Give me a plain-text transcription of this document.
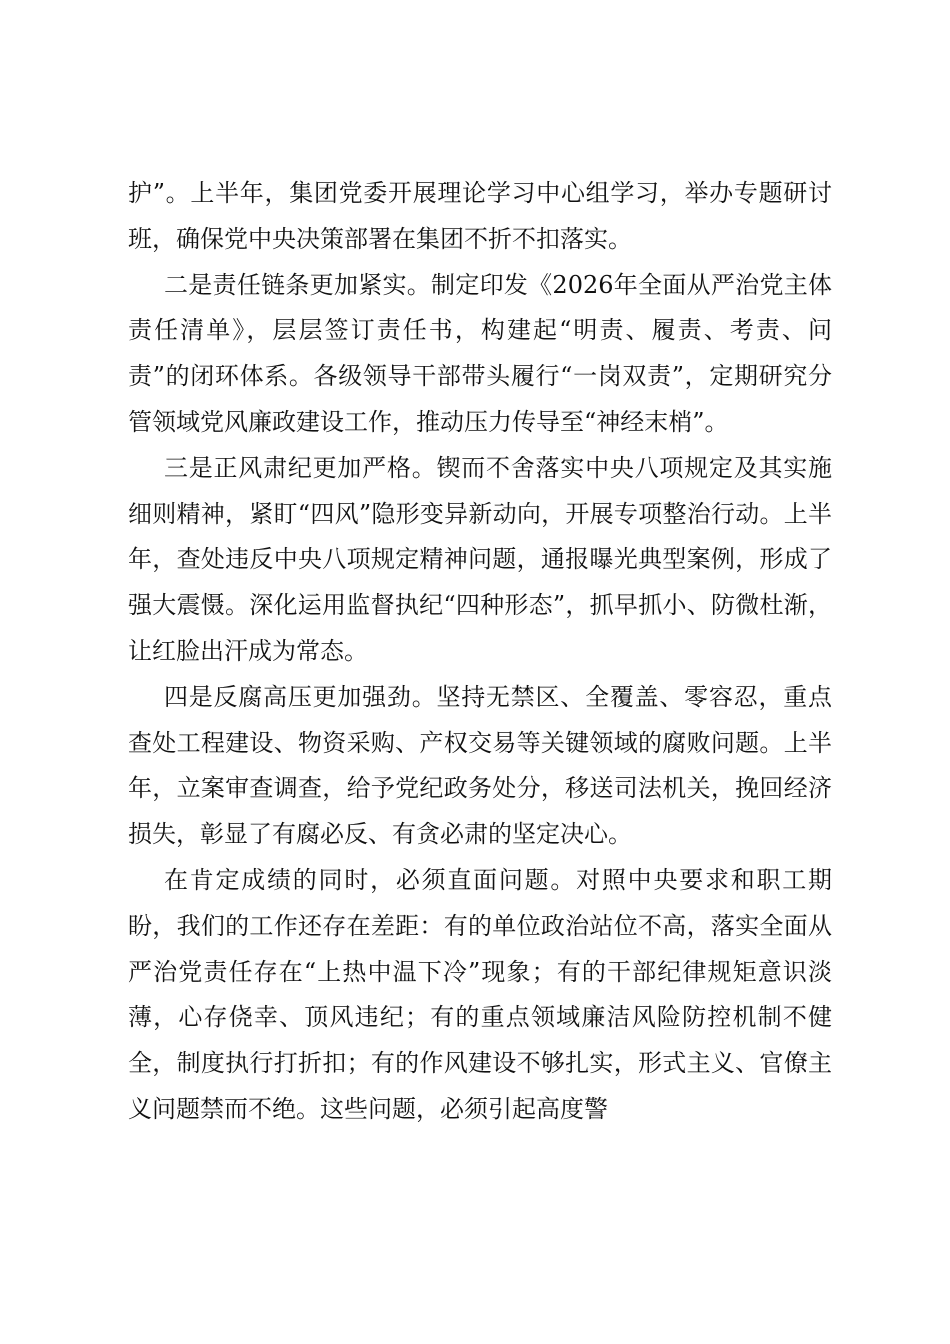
护”。上半年，集团党委开展理论学习中心组学习，举办专题研讨班，确保党中央决策部署在集团不折不扣落实。

二是责任链条更加紧实。制定印发《2026年全面从严治党主体责任清单》，层层签订责任书，构建起“明责、履责、考责、问责”的闭环体系。各级领导干部带头履行“一岗双责”，定期研究分管领域党风廉政建设工作，推动压力传导至“神经末梢”。

三是正风肃纪更加严格。锲而不舍落实中央八项规定及其实施细则精神，紧盯“四风”隐形变异新动向，开展专项整治行动。上半年，查处违反中央八项规定精神问题，通报曝光典型案例，形成了强大震慑。深化运用监督执纪“四种形态”，抓早抓小、防微杜渐，让红脸出汗成为常态。

四是反腐高压更加强劲。坚持无禁区、全覆盖、零容忍，重点查处工程建设、物资采购、产权交易等关键领域的腐败问题。上半年，立案审查调查，给予党纪政务处分，移送司法机关，挽回经济损失，彰显了有腐必反、有贪必肃的坚定决心。

在肯定成绩的同时，必须直面问题。对照中央要求和职工期盼，我们的工作还存在差距：有的单位政治站位不高，落实全面从严治党责任存在“上热中温下冷”现象；有的干部纪律规矩意识淡薄，心存侥幸、顶风违纪；有的重点领域廉洁风险防控机制不健全，制度执行打折扣；有的作风建设不够扎实，形式主义、官僚主义问题禁而不绝。这些问题，必须引起高度警
